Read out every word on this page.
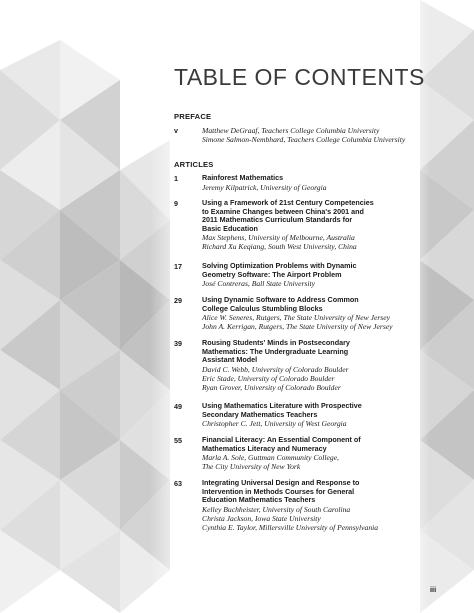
TABLE OF CONTENTS
PREFACE
v	Matthew DeGraaf, Teachers College Columbia University
Simone Salmon-Nembhard, Teachers College Columbia University
ARTICLES
1	Rainforest Mathematics
Jeremy Kilpatrick, University of Georgia
9	Using a Framework of 21st Century Competencies
to Examine Changes between China's 2001 and
2011 Mathematics Curriculum Standards for
Basic Education
Max Stephens, University of Melbourne, Australia
Richard Xu Keqiang, South West University, China
17	Solving Optimization Problems with Dynamic
Geometry Software: The Airport Problem
José Contreras, Ball State University
29	Using Dynamic Software to Address Common
College Calculus Stumbling Blocks
Alice W. Seneres, Rutgers, The State University of New Jersey
John A. Kerrigan, Rutgers, The State University of New Jersey
39	Rousing Students' Minds in Postsecondary
Mathematics: The Undergraduate Learning
Assistant Model
David C. Webb, University of Colorado Boulder
Eric Stade, University of Colorado Boulder
Ryan Grover, University of Colorado Boulder
49	Using Mathematics Literature with Prospective
Secondary Mathematics Teachers
Christopher C. Jett, University of West Georgia
55	Financial Literacy: An Essential Component of
Mathematics Literacy and Numeracy
Marla A. Sole, Guttman Community College,
The City University of New York
63	Integrating Universal Design and Response to
Intervention in Methods Courses for General
Education Mathematics Teachers
Kelley Buchheister, University of South Carolina
Christa Jackson, Iowa State University
Cynthia E. Taylor, Millersville University of Pennsylvania
iii
